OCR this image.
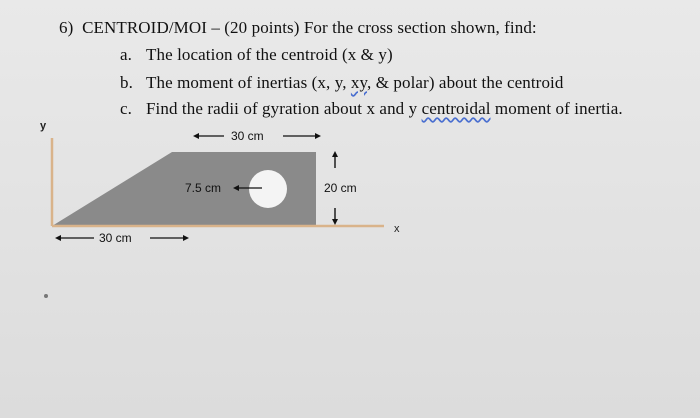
6) CENTROID/MOI – (20 points) For the cross section shown, find:
a. The location of the centroid (x & y)
b. The moment of inertias (x, y, xy, & polar) about the centroid
c. Find the radii of gyration about x and y centroidal moment of inertia.
y
x
30 cm
7.5 cm	20 cm
30 cm
